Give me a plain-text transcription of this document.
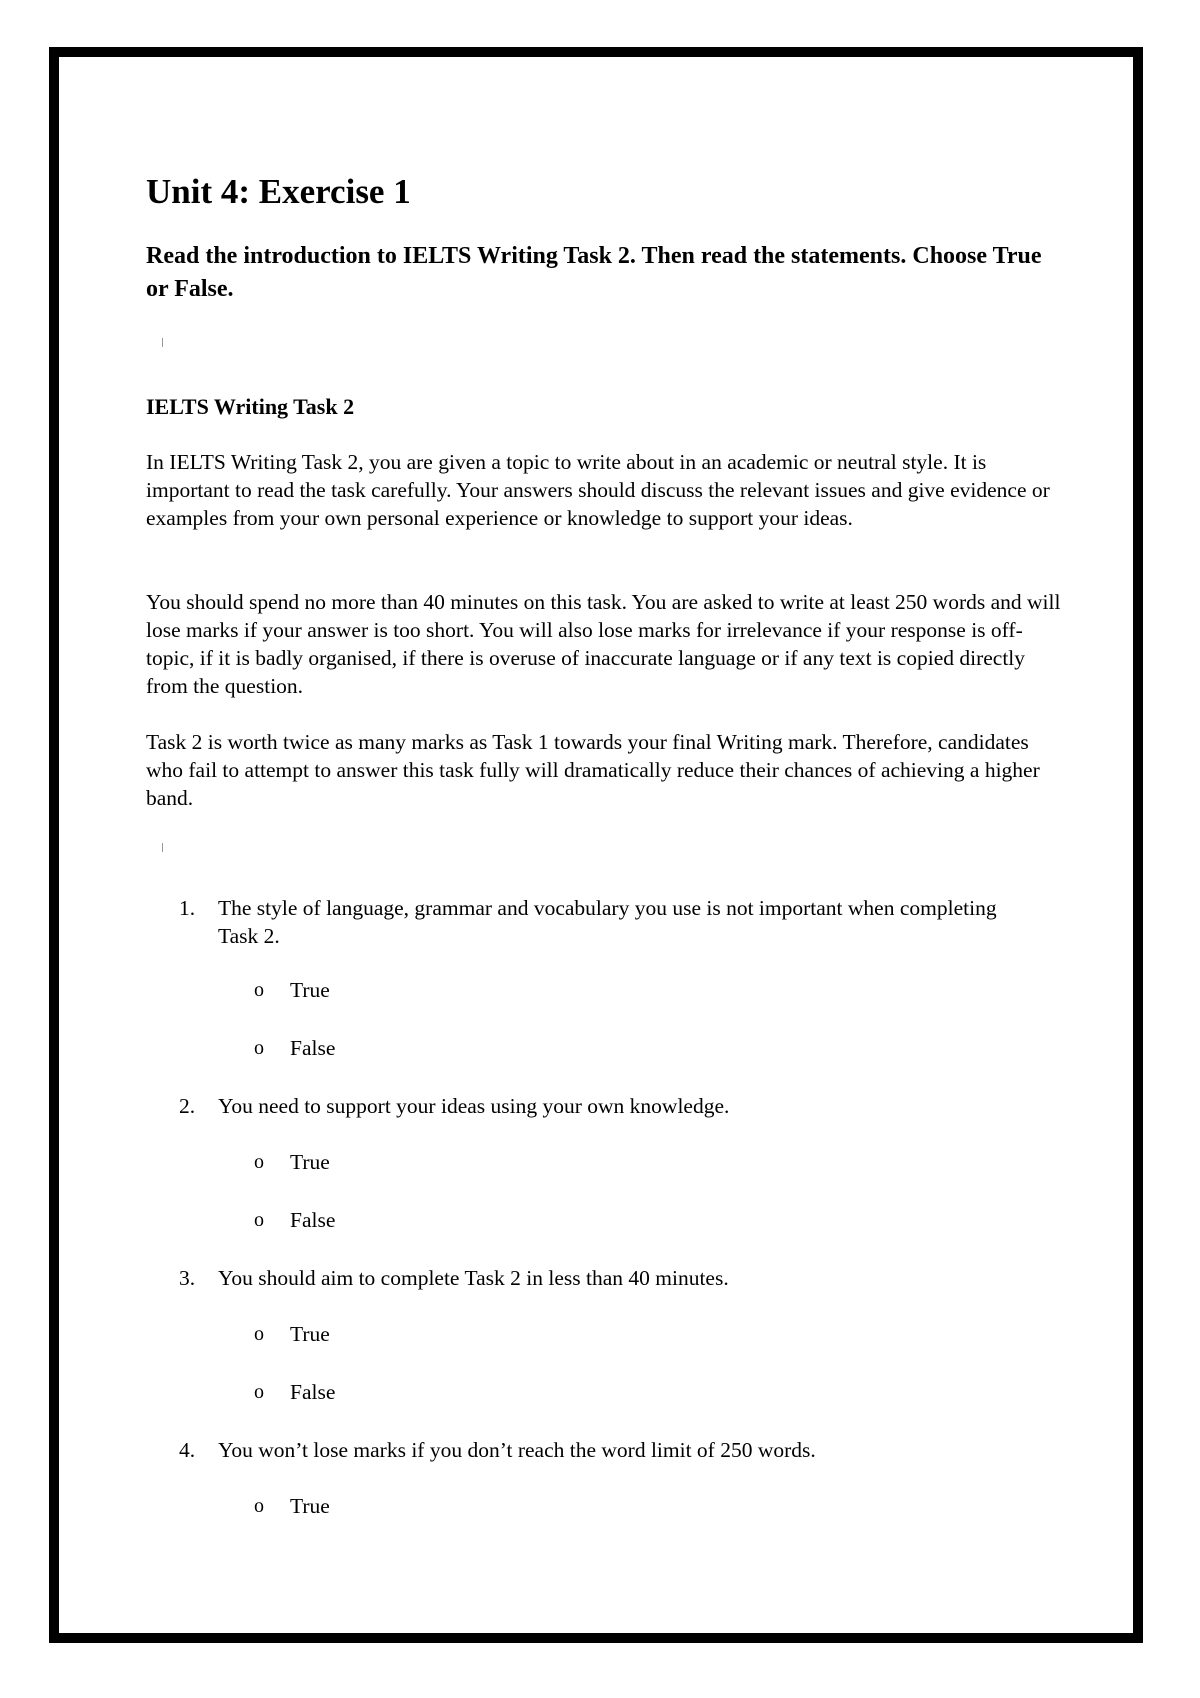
Unit 4: Exercise 1

Read the introduction to IELTS Writing Task 2. Then read the statements. Choose True or False.

IELTS Writing Task 2

In IELTS Writing Task 2, you are given a topic to write about in an academic or neutral style. It is important to read the task carefully. Your answers should discuss the relevant issues and give evidence or examples from your own personal experience or knowledge to support your ideas.

You should spend no more than 40 minutes on this task. You are asked to write at least 250 words and will lose marks if your answer is too short. You will also lose marks for irrelevance if your response is off-topic, if it is badly organised, if there is overuse of inaccurate language or if any text is copied directly from the question.

Task 2 is worth twice as many marks as Task 1 towards your final Writing mark. Therefore, candidates who fail to attempt to answer this task fully will dramatically reduce their chances of achieving a higher band.

1.	The style of language, grammar and vocabulary you use is not important when completing Task 2.
o True
o False
2.	You need to support your ideas using your own knowledge.
o True
o False
3.	You should aim to complete Task 2 in less than 40 minutes.
o True
o False
4.	You won’t lose marks if you don’t reach the word limit of 250 words.
o True
